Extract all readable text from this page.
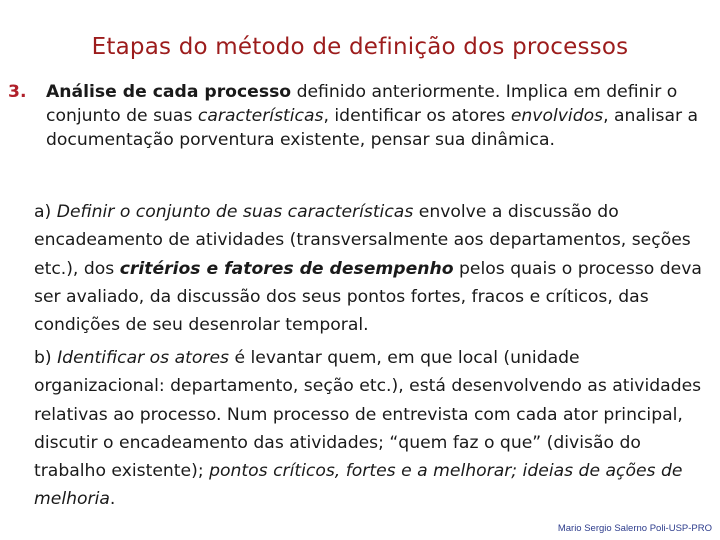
Etapas do método de definição dos processos
3. Análise de cada processo definido anteriormente. Implica em definir o conjunto de suas características, identificar os atores envolvidos, analisar a documentação porventura existente, pensar sua dinâmica.
a) Definir o conjunto de suas características envolve a discussão do encadeamento de atividades (transversalmente aos departamentos, seções etc.), dos critérios e fatores de desempenho pelos quais o processo deva ser avaliado, da discussão dos seus pontos fortes, fracos e críticos, das condições de seu desenrolar temporal.
b) Identificar os atores é levantar quem, em que local (unidade organizacional: departamento, seção etc.), está desenvolvendo as atividades relativas ao processo. Num processo de entrevista com cada ator principal, discutir o encadeamento das atividades; “quem faz o que” (divisão do trabalho existente); pontos críticos, fortes e a melhorar; ideias de ações de melhoria.
Mario Sergio Salerno Poli-USP-PRO
